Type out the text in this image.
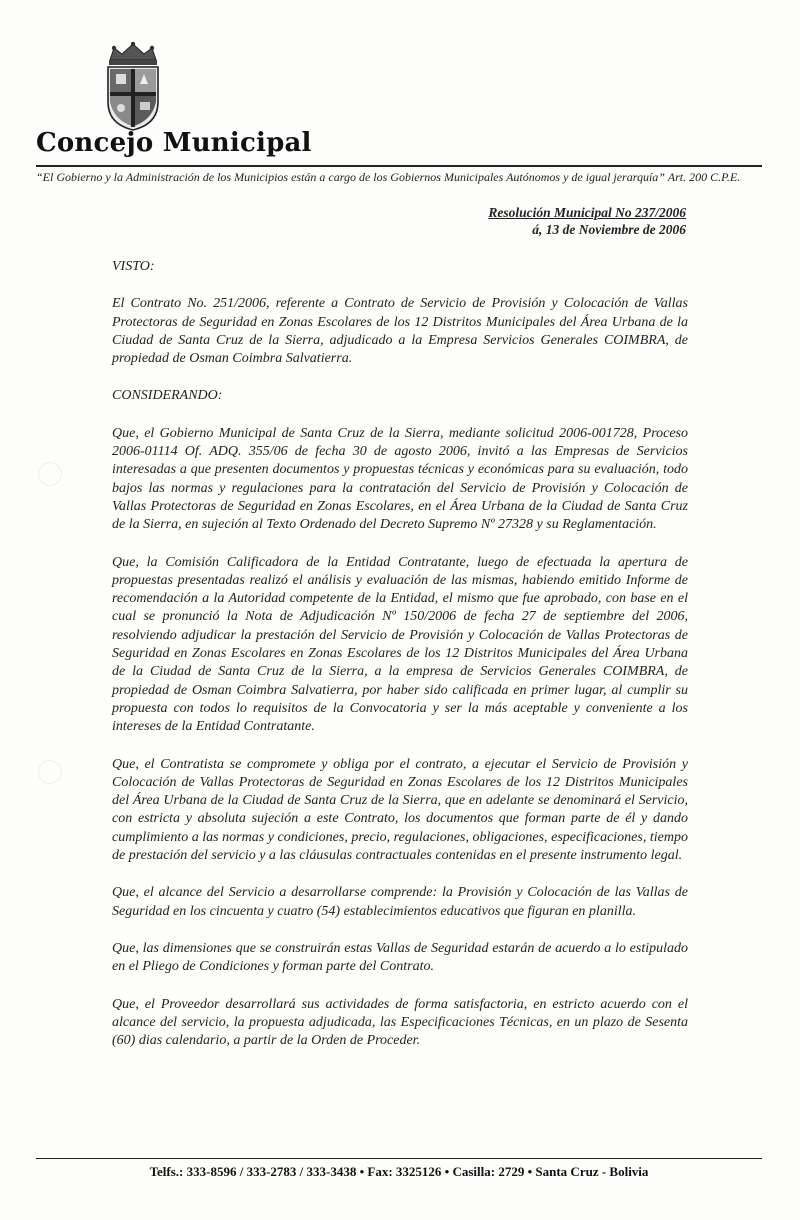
Concejo Municipal
“El Gobierno y la Administración de los Municipios están a cargo de los Gobiernos Municipales Autónomos y de igual jerarquía” Art. 200 C.P.E.
Resolución Municipal No 237/2006
á, 13 de Noviembre de 2006
VISTO:

El Contrato No. 251/2006, referente a Contrato de Servicio de Provisión y Colocación de Vallas Protectoras de Seguridad en Zonas Escolares de los 12 Distritos Municipales del Área Urbana de la Ciudad de Santa Cruz de la Sierra, adjudicado a la Empresa Servicios Generales COIMBRA, de propiedad de Osman Coimbra Salvatierra.

CONSIDERANDO:

Que, el Gobierno Municipal de Santa Cruz de la Sierra, mediante solicitud 2006-001728, Proceso 2006-01114 Of. ADQ. 355/06 de fecha 30 de agosto 2006, invitó a las Empresas de Servicios interesadas a que presenten documentos y propuestas técnicas y económicas para su evaluación, todo bajos las normas y regulaciones para la contratación del Servicio de Provisión y Colocación de Vallas Protectoras de Seguridad en Zonas Escolares, en el Área Urbana de la Ciudad de Santa Cruz de la Sierra, en sujeción al Texto Ordenado del Decreto Supremo Nº 27328 y su Reglamentación.

Que, la Comisión Calificadora de la Entidad Contratante, luego de efectuada la apertura de propuestas presentadas realizó el análisis y evaluación de las mismas, habiendo emitido Informe de recomendación a la Autoridad competente de la Entidad, el mismo que fue aprobado, con base en el cual se pronunció la Nota de Adjudicación Nº 150/2006 de fecha 27 de septiembre del 2006, resolviendo adjudicar la prestación del Servicio de Provisión y Colocación de Vallas Protectoras de Seguridad en Zonas Escolares en Zonas Escolares de los 12 Distritos Municipales del Área Urbana de la Ciudad de Santa Cruz de la Sierra, a la empresa de Servicios Generales COIMBRA, de propiedad de Osman Coimbra Salvatierra, por haber sido calificada en primer lugar, al cumplir su propuesta con todos lo requisitos de la Convocatoria y ser la más aceptable y conveniente a los intereses de la Entidad Contratante.

Que, el Contratista se compromete y obliga por el contrato, a ejecutar el Servicio de Provisión y Colocación de Vallas Protectoras de Seguridad en Zonas Escolares de los 12 Distritos Municipales del Área Urbana de la Ciudad de Santa Cruz de la Sierra, que en adelante se denominará el Servicio, con estricta y absoluta sujeción a este Contrato, los documentos que forman parte de él y dando cumplimiento a las normas y condiciones, precio, regulaciones, obligaciones, especificaciones, tiempo de prestación del servicio y a las cláusulas contractuales contenidas en el presente instrumento legal.

Que, el alcance del Servicio a desarrollarse comprende: la Provisión y Colocación de las Vallas de Seguridad en los cincuenta y cuatro (54) establecimientos educativos que figuran en planilla.

Que, las dimensiones que se construirán estas Vallas de Seguridad estarán de acuerdo a lo estipulado en el Pliego de Condiciones y forman parte del Contrato.

Que, el Proveedor desarrollará sus actividades de forma satisfactoria, en estricto acuerdo con el alcance del servicio, la propuesta adjudicada, las Especificaciones Técnicas, en un plazo de Sesenta (60) dias calendario, a partir de la Orden de Proceder.

Telfs.: 333-8596 / 333-2783 / 333-3438 • Fax: 3325126 • Casilla: 2729 • Santa Cruz - Bolivia
